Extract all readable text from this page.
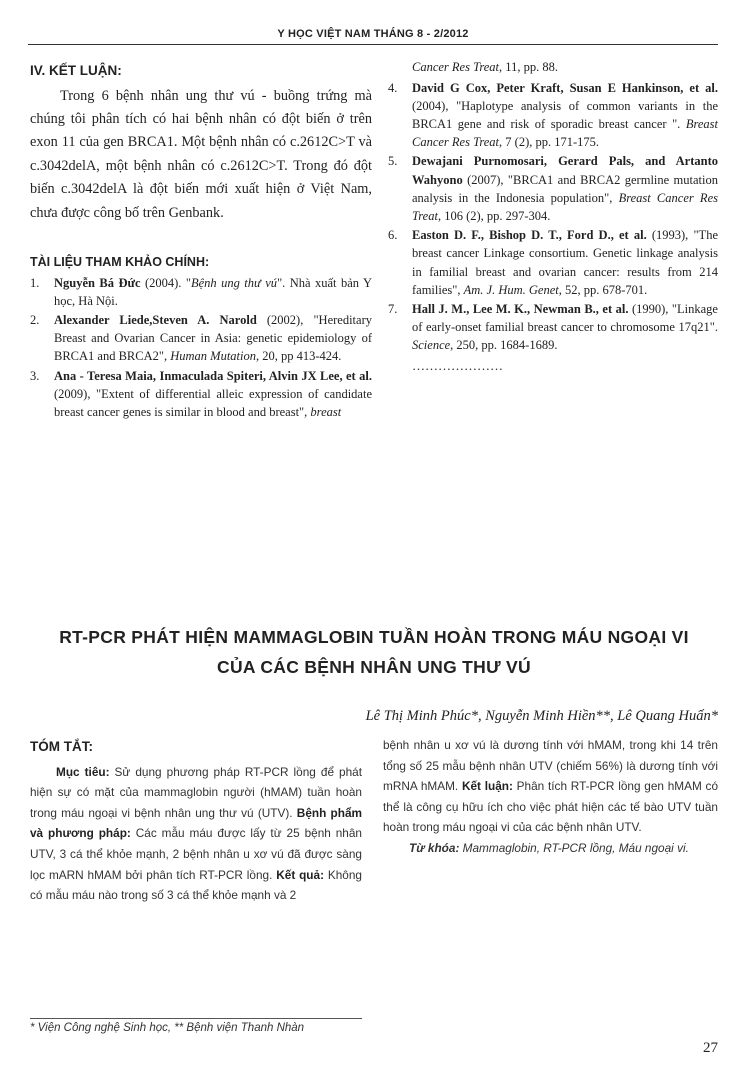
Y HỌC VIỆT NAM THÁNG 8 - 2/2012
IV. KẾT LUẬN:

Trong 6 bệnh nhân ung thư vú - buồng trứng mà chúng tôi phân tích có hai bệnh nhân có đột biến ở trên exon 11 của gen BRCA1. Một bệnh nhân có c.2612C>T và c.3042delA, một bệnh nhân có c.2612C>T. Trong đó đột biến c.3042delA là đột biến mới xuất hiện ở Việt Nam, chưa được công bố trên Genbank.

TÀI LIỆU THAM KHẢO CHÍNH:
1.	Nguyễn Bá Đức (2004). "Bệnh ung thư vú". Nhà xuất bản Y học, Hà Nội.
2.	Alexander Liede,Steven A. Narold (2002), "Hereditary Breast and Ovarian Cancer in Asia: genetic epidemiology of BRCA1 and BRCA2", Human Mutation, 20, pp 413-424.
3.	Ana - Teresa Maia, Inmaculada Spiteri, Alvin JX Lee, et al. (2009), "Extent of differential alleic expression of candidate breast cancer genes is similar in blood and breast", breast
Cancer Res Treat, 11, pp. 88.
4.	David G Cox, Peter Kraft, Susan E Hankinson, et al. (2004), "Haplotype analysis of common variants in the BRCA1 gene and risk of sporadic breast cancer ". Breast Cancer Res Treat, 7 (2), pp. 171-175.
5.	Dewajani Purnomosari, Gerard Pals, and Artanto Wahyono (2007), "BRCA1 and BRCA2 germline mutation analysis in the Indonesia population", Breast Cancer Res Treat, 106 (2), pp. 297-304.
6.	Easton D. F., Bishop D. T., Ford D., et al. (1993), "The breast cancer Linkage consortium. Genetic linkage analysis in familial breast and ovarian cancer: results from 214 families", Am. J. Hum. Genet, 52, pp. 678-701.
7.	Hall J. M., Lee M. K., Newman B., et al. (1990), "Linkage of early-onset familial breast cancer to chromosome 17q21". Science, 250, pp. 1684-1689.
…………………
RT-PCR PHÁT HIỆN MAMMAGLOBIN TUẦN HOÀN TRONG MÁU NGOẠI VI
CỦA CÁC BỆNH NHÂN UNG THƯ VÚ
Lê Thị Minh Phúc*, Nguyễn Minh Hiền**, Lê Quang Huấn*
TÓM TẮT:

Mục tiêu: Sử dụng phương pháp RT-PCR lồng để phát hiện sự có mặt của mammaglobin người (hMAM) tuần hoàn trong máu ngoại vi bệnh nhân ung thư vú (UTV). Bệnh phẩm và phương pháp: Các mẫu máu được lấy từ 25 bệnh nhân UTV, 3 cá thể khỏe mạnh, 2 bệnh nhân u xơ vú đã được sàng lọc mARN hMAM bởi phân tích RT-PCR lồng. Kết quả: Không có mẫu máu nào trong số 3 cá thể khỏe mạnh và 2

bệnh nhân u xơ vú là dương tính với hMAM, trong khi 14 trên tổng số 25 mẫu bệnh nhân UTV (chiếm 56%) là dương tính với mRNA hMAM. Kết luận: Phân tích RT-PCR lồng gen hMAM có thể là công cụ hữu ích cho việc phát hiện các tế bào UTV tuần hoàn trong máu ngoại vi của các bệnh nhân UTV.

Từ khóa: Mammaglobin, RT-PCR lồng, Máu ngoại vi.

* Viện Công nghệ Sinh học, ** Bệnh viện Thanh Nhàn
27
